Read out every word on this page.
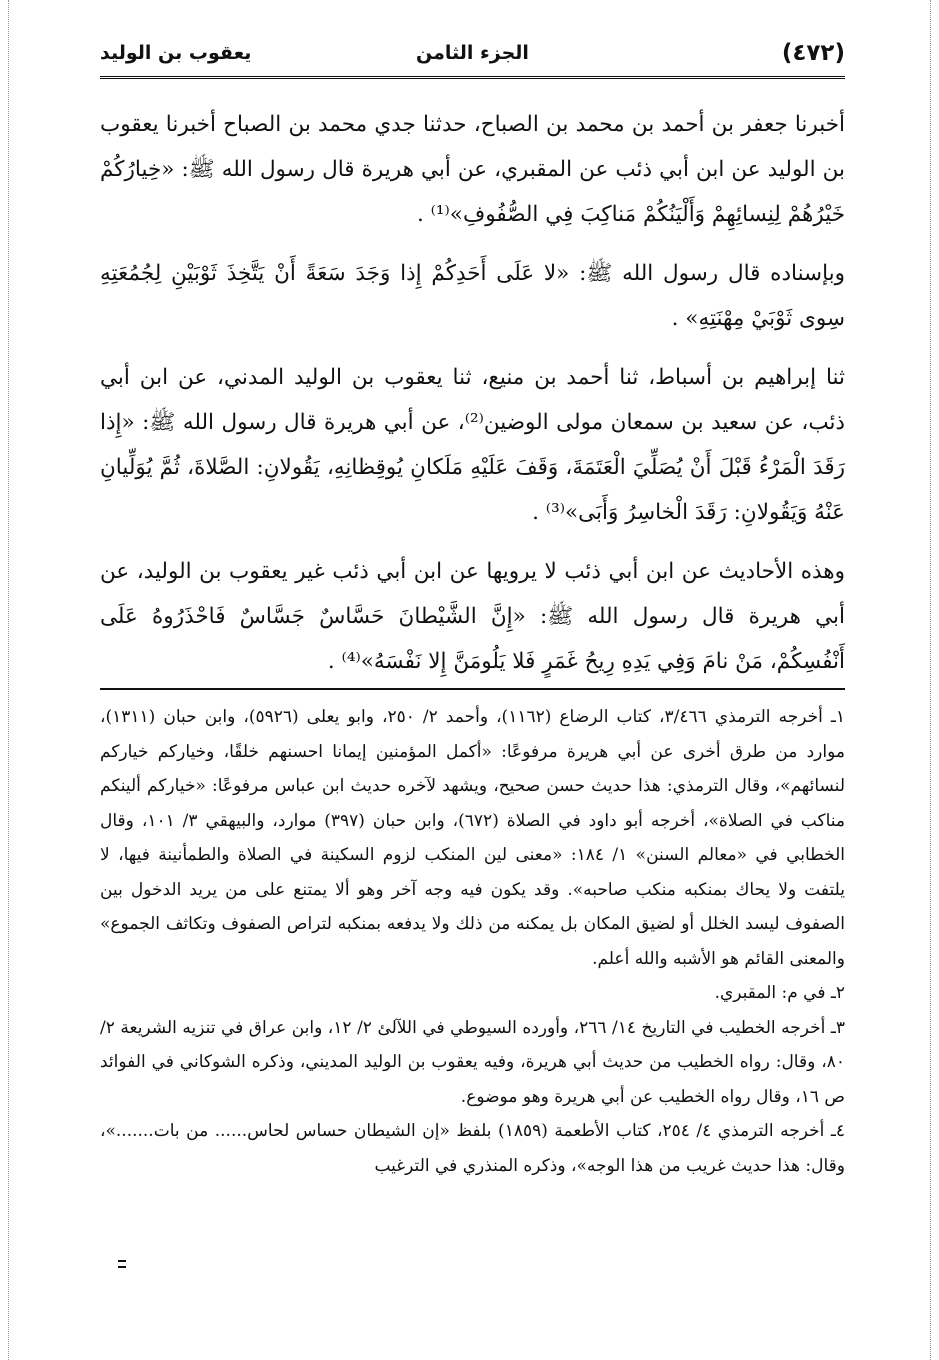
(٤٧٢)
الجزء الثامن
يعقوب بن الوليد

أخبرنا جعفر بن أحمد بن محمد بن الصباح، حدثنا جدي محمد بن الصباح أخبرنا يعقوب بن الوليد عن ابن أبي ذئب عن المقبري، عن أبي هريرة قال رسول الله ﷺ: «خِيارُكُمْ خَيْرُهُمْ لِنِسائِهِمْ وَأَلْيَنُكُمْ مَناكِبَ فِي الصُّفُوفِ»⁽¹⁾ .

وبإسناده قال رسول الله ﷺ: «لا عَلَى أَحَدِكُمْ إِذا وَجَدَ سَعَةً أَنْ يَتَّخِذَ ثَوْبَيْنِ لِجُمُعَتِهِ سِوى ثَوْبَيْ مِهْنَتِهِ» .

ثنا إبراهيم بن أسباط، ثنا أحمد بن منيع، ثنا يعقوب بن الوليد المدني، عن ابن أبي ذئب، عن سعيد بن سمعان مولى الوضين⁽²⁾، عن أبي هريرة قال رسول الله ﷺ: «إِذا رَقَدَ الْمَرْءُ قَبْلَ أَنْ يُصَلِّيَ الْعَتَمَةَ، وَقَفَ عَلَيْهِ مَلَكانِ يُوقِظانِهِ، يَقُولانِ: الصَّلاةَ، ثُمَّ يُوَلِّيانِ عَنْهُ وَيَقُولانِ: رَقَدَ الْخاسِرُ وَأَبَى»⁽³⁾ .

وهذه الأحاديث عن ابن أبي ذئب لا يرويها عن ابن أبي ذئب غير يعقوب بن الوليد، عن أبي هريرة قال رسول الله ﷺ: «إِنَّ الشَّيْطانَ حَسَّاسٌ جَسَّاسٌ فَاحْذَرُوهُ عَلَى أَنْفُسِكُمْ، مَنْ نامَ وَفِي يَدِهِ رِيحُ غَمَرٍ فَلا يَلُومَنَّ إِلا نَفْسَهُ»⁽⁴⁾ .

١ـ أخرجه الترمذي ٣/٤٦٦، كتاب الرضاع (١١٦٢)، وأحمد ٢/ ٢٥٠، وابو يعلى (٥٩٢٦)، وابن حبان (١٣١١)، موارد من طرق أخرى عن أبي هريرة مرفوعًا: «أكمل المؤمنين إيمانا احسنهم خلقًا، وخياركم خياركم لنسائهم»، وقال الترمذي: هذا حديث حسن صحيح، ويشهد لآخره حديث ابن عباس مرفوعًا: «خياركم ألينكم مناكب في الصلاة»، أخرجه أبو داود في الصلاة (٦٧٢)، وابن حبان (٣٩٧) موارد، والبيهقي ٣/ ١٠١، وقال الخطابي في «معالم السنن» ١/ ١٨٤: «معنى لين المنكب لزوم السكينة في الصلاة والطمأنينة فيها، لا يلتفت ولا يحاك بمنكبه منكب صاحبه». وقد يكون فيه وجه آخر وهو ألا يمتنع على من يريد الدخول بين الصفوف ليسد الخلل أو لضيق المكان بل يمكنه من ذلك ولا يدفعه بمنكبه لتراص الصفوف وتكاثف الجموع» والمعنى القائم هو الأشبه والله أعلم.

٢ـ في م: المقبري.

٣ـ أخرجه الخطيب في التاريخ ١٤/ ٢٦٦، وأورده السيوطي في اللآلئ ٢/ ١٢، وابن عراق في تنزيه الشريعة ٢/ ٨٠، وقال: رواه الخطيب من حديث أبي هريرة، وفيه يعقوب بن الوليد المديني، وذكره الشوكاني في الفوائد ص ١٦، وقال رواه الخطيب عن أبي هريرة وهو موضوع.

٤ـ أخرجه الترمذي ٤/ ٢٥٤، كتاب الأطعمة (١٨٥٩) بلفظ «إن الشيطان حساس لحاس...... من بات.......»، وقال: هذا حديث غريب من هذا الوجه»، وذكره المنذري في الترغيب
